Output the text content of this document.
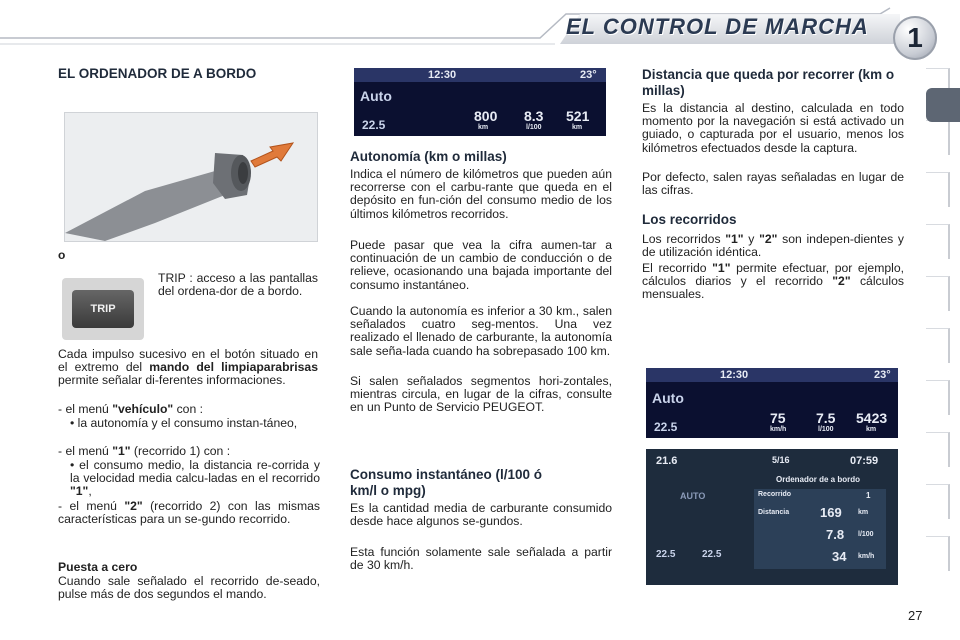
EL CONTROL DE MARCHA	1
EL ORDENADOR DE A BORDO
o
TRIP
TRIP : acceso a las pantallas del ordena-dor de a bordo.
Cada impulso sucesivo en el botón situado en el extremo del mando del limpiaparabrisas permite señalar di-ferentes informaciones.
- el menú "vehículo" con :
• la autonomía y el consumo instan-táneo,
- el menú "1" (recorrido 1) con :
• el consumo medio, la distancia re-corrida y la velocidad media calcu-ladas en el recorrido "1",
- el menú "2" (recorrido 2) con las mismas características para un se-gundo recorrido.
Puesta a cero
Cuando sale señalado el recorrido de-seado, pulse más de dos segundos el mando.
12:30	23°
Auto
22.5
800
km
8.3
l/100
521
km
Autonomía (km o millas)
Indica el número de kilómetros que pueden aún recorrerse con el carbu-rante que queda en el depósito en fun-ción del consumo medio de los últimos kilómetros recorridos.
Puede pasar que vea la cifra aumen-tar a continuación de un cambio de conducción o de relieve, ocasionando una bajada importante del consumo instantáneo.
Cuando la autonomía es inferior a 30 km., salen señalados cuatro seg-mentos. Una vez realizado el llenado de carburante, la autonomía sale seña-lada cuando ha sobrepasado 100 km.
Si salen señalados segmentos hori-zontales, mientras circula, en lugar de la cifras, consulte en un Punto de Servicio PEUGEOT.
Consumo instantáneo (l/100 ó km/l o mpg)
Es la cantidad media de carburante consumido desde hace algunos se-gundos.
Esta función solamente sale señalada a partir de 30 km/h.
Distancia que queda por recorrer (km o millas)
Es la distancia al destino, calculada en todo momento por la navegación si está activado un guiado, o capturada por el usuario, menos los kilómetros efectuados desde la captura.
Por defecto, salen rayas señaladas en lugar de las cifras.
Los recorridos
Los recorridos "1" y "2" son indepen-dientes y de utilización idéntica.
El recorrido "1" permite efectuar, por ejemplo, cálculos diarios y el recorrido "2" cálculos mensuales.
12:30	23°
Auto
22.5
75
km/h
7.5
l/100
5423
km
21.6	5/16	07:59
Ordenador de a bordo
AUTO	Recorrido	1
Distancia 169 km
7.8 l/100
34 km/h
22.5	22.5
27
